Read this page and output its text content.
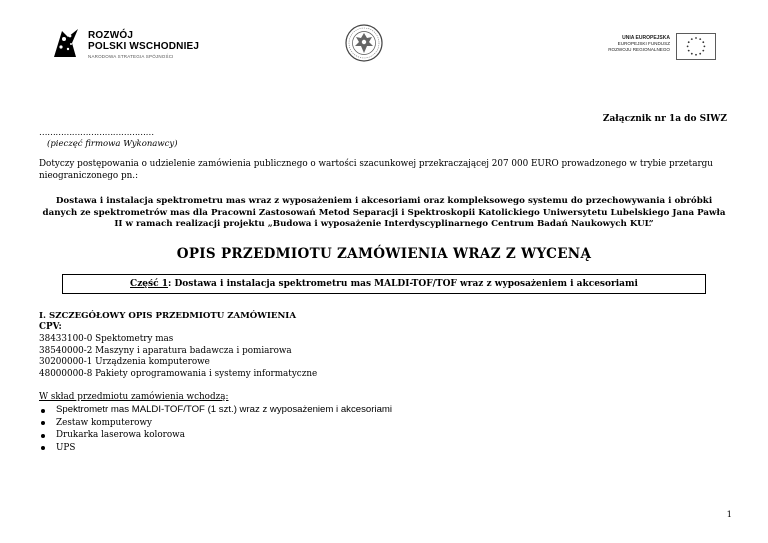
ROZWÓJ
POLSKI WSCHODNIEJ
NARODOWA STRATEGIA SPÓJNOŚCI
UNIA EUROPEJSKA
EUROPEJSKI FUNDUSZ
ROZWOJU REGIONALNEGO
Załącznik nr 1a do SIWZ
……………………………………
(pieczęć firmowa Wykonawcy)
Dotyczy postępowania o udzielenie zamówienia publicznego o wartości szacunkowej przekraczającej 207 000 EURO prowadzonego w trybie przetargu nieograniczonego pn.:
Dostawa i instalacja spektrometru mas wraz z wyposażeniem i akcesoriami oraz kompleksowego systemu do przechowywania i obróbki danych ze spektrometrów mas dla Pracowni Zastosowań Metod Separacji i Spektroskopii Katolickiego Uniwersytetu Lubelskiego Jana Pawła II w ramach realizacji projektu „Budowa i wyposażenie Interdyscyplinarnego Centrum Badań Naukowych KUL”
OPIS PRZEDMIOTU ZAMÓWIENIA WRAZ Z WYCENĄ
Część 1: Dostawa i instalacja spektrometru mas MALDI-TOF/TOF wraz z wyposażeniem i akcesoriami
I. SZCZEGÓŁOWY OPIS PRZEDMIOTU ZAMÓWIENIA
CPV:
38433100-0 Spektometry mas
38540000-2 Maszyny i aparatura badawcza i pomiarowa
30200000-1 Urządzenia komputerowe
48000000-8 Pakiety oprogramowania i systemy informatyczne
W skład przedmiotu zamówienia wchodzą:
Spektrometr mas MALDI-TOF/TOF (1 szt.) wraz z wyposażeniem i akcesoriami
Zestaw komputerowy
Drukarka laserowa kolorowa
UPS
1
